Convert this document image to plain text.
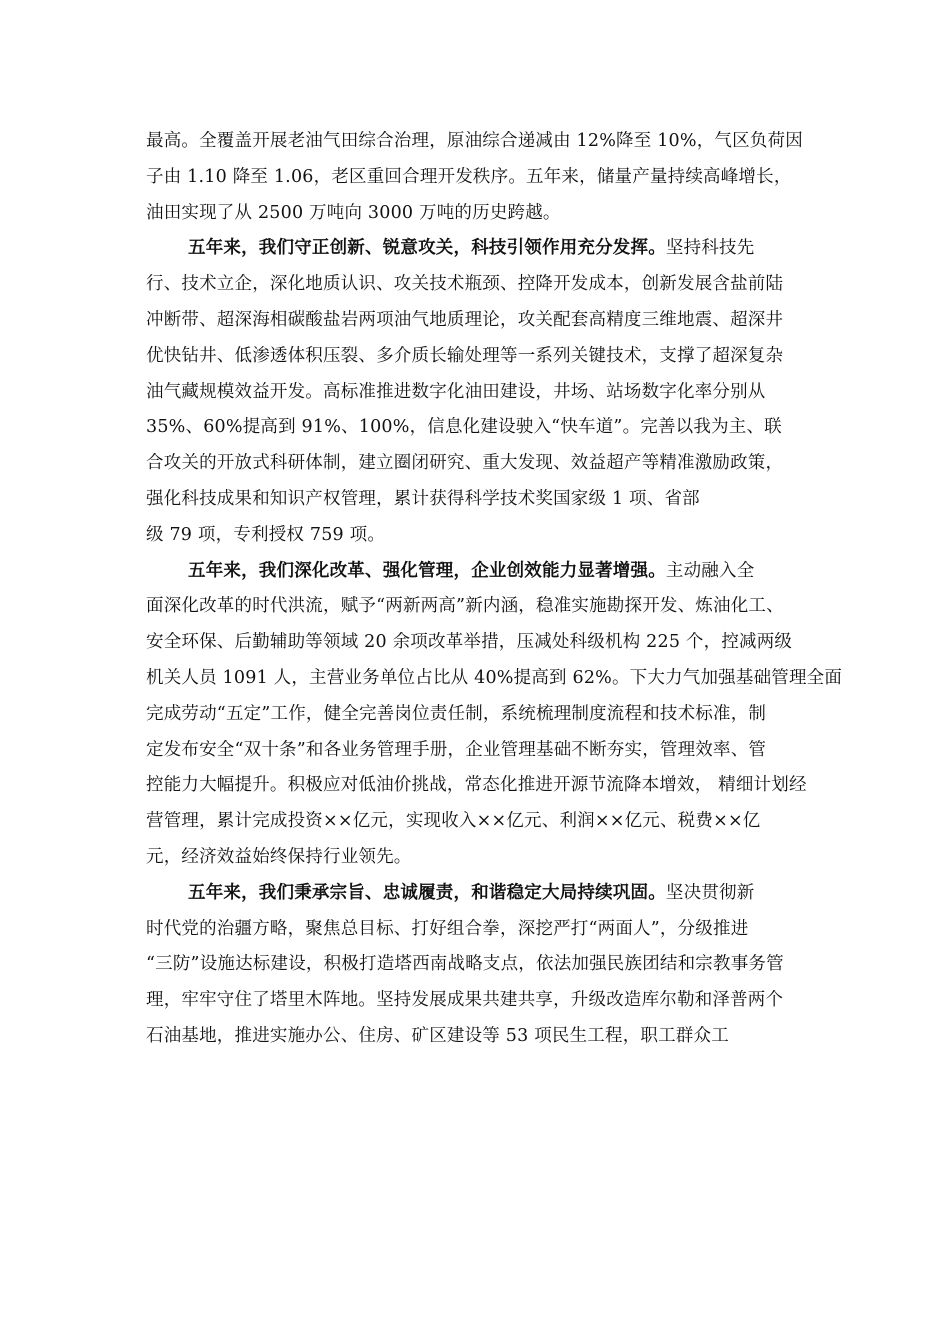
最高。全覆盖开展老油气田综合治理，原油综合递减由 12%降至 10%，气区负荷因
子由 1.10 降至 1.06，老区重回合理开发秩序。五年来，储量产量持续高峰增长，
油田实现了从 2500 万吨向 3000 万吨的历史跨越。
五年来，我们守正创新、锐意攻关，科技引领作用充分发挥。坚持科技先
行、技术立企，深化地质认识、攻关技术瓶颈、控降开发成本，创新发展含盐前陆
冲断带、超深海相碳酸盐岩两项油气地质理论，攻关配套高精度三维地震、超深井
优快钻井、低渗透体积压裂、多介质长输处理等一系列关键技术，支撑了超深复杂
油气藏规模效益开发。高标准推进数字化油田建设，井场、站场数字化率分别从
35%、60%提高到 91%、100%，信息化建设驶入“快车道”。完善以我为主、联
合攻关的开放式科研体制，建立圈闭研究、重大发现、效益超产等精准激励政策，
强化科技成果和知识产权管理，累计获得科学技术奖国家级 1 项、省部
级 79 项，专利授权 759 项。
五年来，我们深化改革、强化管理，企业创效能力显著增强。主动融入全
面深化改革的时代洪流，赋予“两新两高”新内涵，稳准实施勘探开发、炼油化工、
安全环保、后勤辅助等领域 20 余项改革举措，压减处科级机构 225 个，控减两级
机关人员 1091 人，主营业务单位占比从 40%提高到 62%。下大力气加强基础管理全面
完成劳动“五定”工作，健全完善岗位责任制，系统梳理制度流程和技术标准，制
定发布安全“双十条”和各业务管理手册，企业管理基础不断夯实，管理效率、管
控能力大幅提升。积极应对低油价挑战，常态化推进开源节流降本增效， 精细计划经
营管理，累计完成投资××亿元，实现收入××亿元、利润××亿元、税费××亿
元，经济效益始终保持行业领先。
五年来，我们秉承宗旨、忠诚履责，和谐稳定大局持续巩固。坚决贯彻新
时代党的治疆方略，聚焦总目标、打好组合拳，深挖严打“两面人”，分级推进
“三防”设施达标建设，积极打造塔西南战略支点，依法加强民族团结和宗教事务管
理，牢牢守住了塔里木阵地。坚持发展成果共建共享，升级改造库尔勒和泽普两个
石油基地，推进实施办公、住房、矿区建设等 53 项民生工程，职工群众工
